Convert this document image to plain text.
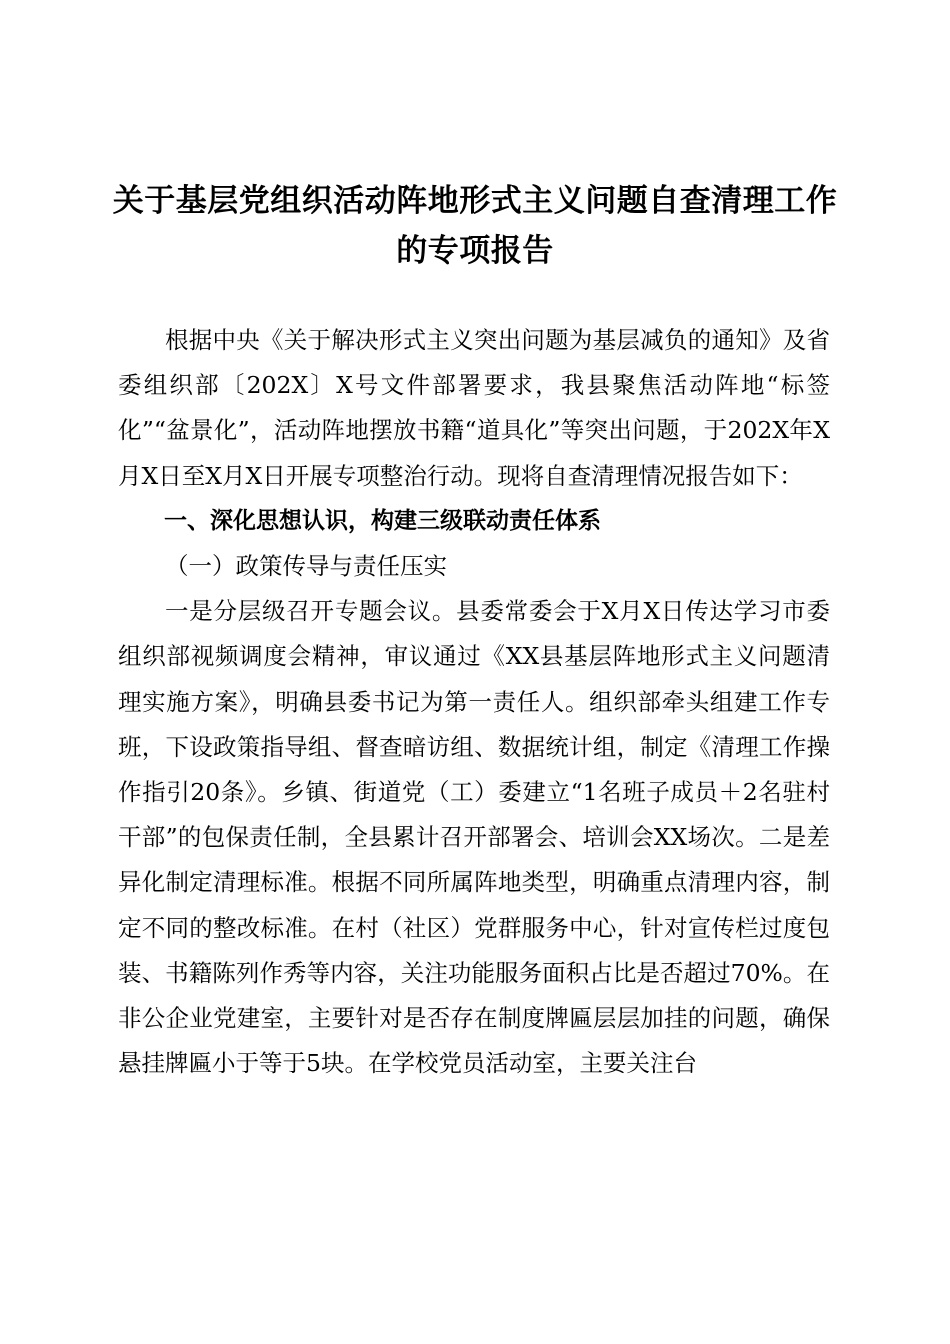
关于基层党组织活动阵地形式主义问题自查清理工作的专项报告

根据中央《关于解决形式主义突出问题为基层减负的通知》及省委组织部〔202X〕X号文件部署要求，我县聚焦活动阵地“标签化”“盆景化”，活动阵地摆放书籍“道具化”等突出问题，于202X年X月X日至X月X日开展专项整治行动。现将自查清理情况报告如下：

一、深化思想认识，构建三级联动责任体系

（一）政策传导与责任压实

一是分层级召开专题会议。县委常委会于X月X日传达学习市委组织部视频调度会精神，审议通过《XX县基层阵地形式主义问题清理实施方案》，明确县委书记为第一责任人。组织部牵头组建工作专班，下设政策指导组、督查暗访组、数据统计组，制定《清理工作操作指引20条》。乡镇、街道党（工）委建立“1名班子成员＋2名驻村干部”的包保责任制，全县累计召开部署会、培训会XX场次。二是差异化制定清理标准。根据不同所属阵地类型，明确重点清理内容，制定不同的整改标准。在村（社区）党群服务中心，针对宣传栏过度包装、书籍陈列作秀等内容，关注功能服务面积占比是否超过70%。在非公企业党建室，主要针对是否存在制度牌匾层层加挂的问题，确保悬挂牌匾小于等于5块。在学校党员活动室，主要关注台
